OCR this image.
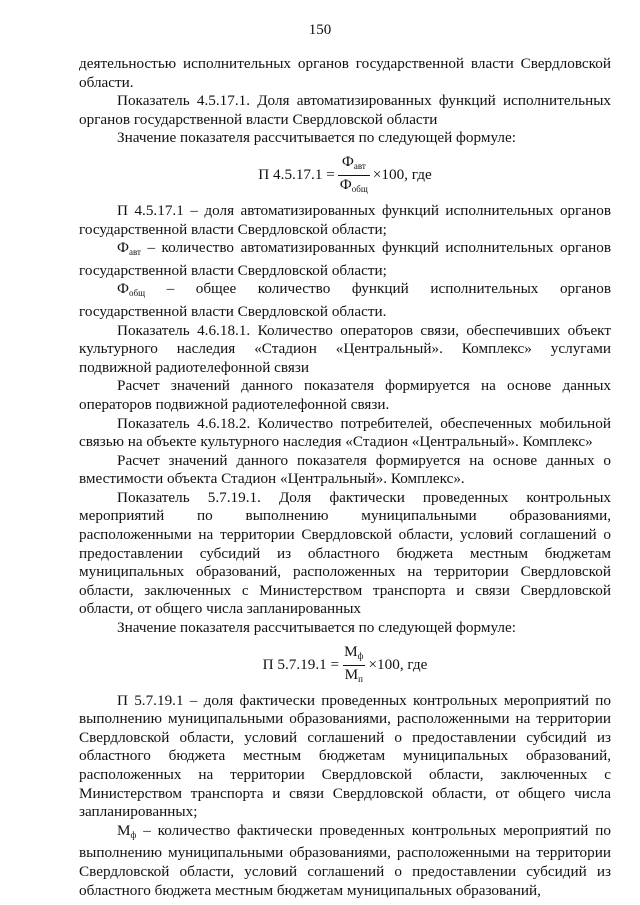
150

деятельностью исполнительных органов государственной власти Свердловской области.

Показатель 4.5.17.1. Доля автоматизированных функций исполнительных органов государственной власти Свердловской области

Значение показателя рассчитывается по следующей формуле:

П $4.5.17.1 = \frac{Ф_{авт}}{Ф_{общ}} \times 100$, где

П 4.5.17.1 – доля автоматизированных функций исполнительных органов государственной власти Свердловской области;

$Ф_{авт}$ – количество автоматизированных функций исполнительных органов государственной власти Свердловской области;

$Ф_{общ}$ – общее количество функций исполнительных органов государственной власти Свердловской области.

Показатель 4.6.18.1. Количество операторов связи, обеспечивших объект культурного наследия «Стадион «Центральный». Комплекс» услугами подвижной радиотелефонной связи

Расчет значений данного показателя формируется на основе данных операторов подвижной радиотелефонной связи.

Показатель 4.6.18.2. Количество потребителей, обеспеченных мобильной связью на объекте культурного наследия «Стадион «Центральный». Комплекс»

Расчет значений данного показателя формируется на основе данных о вместимости объекта Стадион «Центральный». Комплекс».

Показатель 5.7.19.1. Доля фактически проведенных контрольных мероприятий по выполнению муниципальными образованиями, расположенными на территории Свердловской области, условий соглашений о предоставлении субсидий из областного бюджета местным бюджетам муниципальных образований, расположенных на территории Свердловской области, заключенных с Министерством транспорта и связи Свердловской области, от общего числа запланированных

Значение показателя рассчитывается по следующей формуле:

П $5.7.19.1 = \frac{М_ф}{М_п} \times 100$, где

П 5.7.19.1 – доля фактически проведенных контрольных мероприятий по выполнению муниципальными образованиями, расположенными на территории Свердловской области, условий соглашений о предоставлении субсидий из областного бюджета местным бюджетам муниципальных образований, расположенных на территории Свердловской области, заключенных с Министерством транспорта и связи Свердловской области, от общего числа запланированных;

$М_ф$ – количество фактически проведенных контрольных мероприятий по выполнению муниципальными образованиями, расположенными на территории Свердловской области, условий соглашений о предоставлении субсидий из областного бюджета местным бюджетам муниципальных образований,
